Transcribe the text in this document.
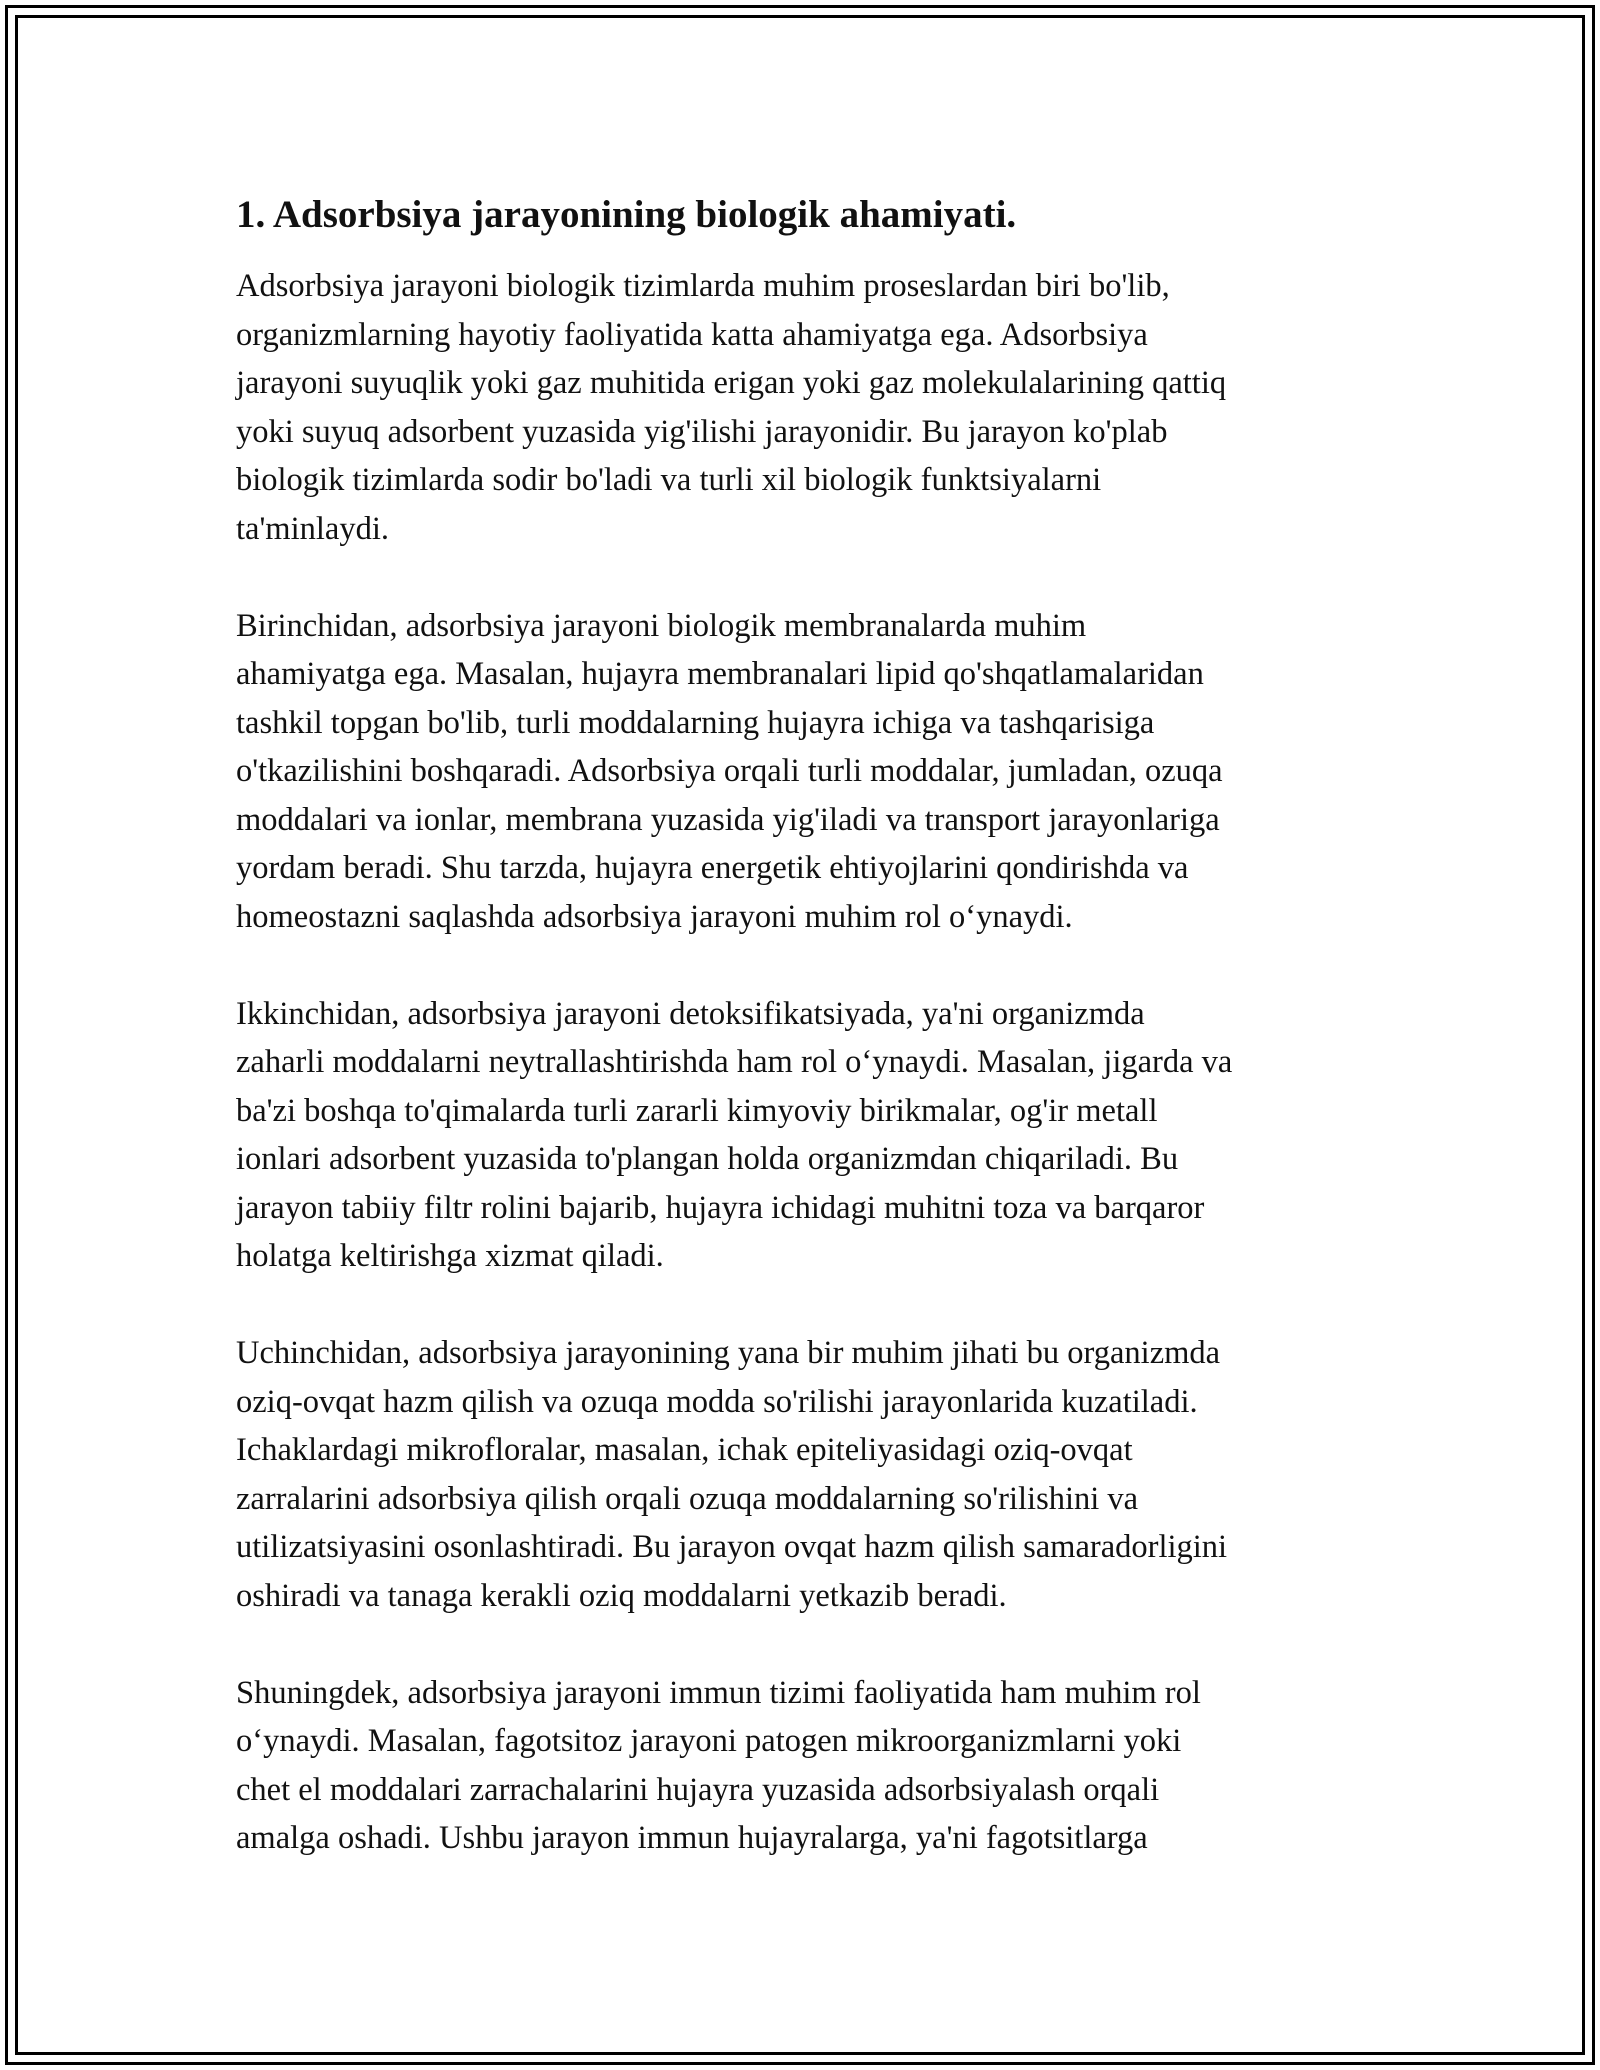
1. Adsorbsiya jarayonining biologik ahamiyati.

Adsorbsiya jarayoni biologik tizimlarda muhim proseslardan biri bo'lib,
organizmlarning hayotiy faoliyatida katta ahamiyatga ega. Adsorbsiya
jarayoni suyuqlik yoki gaz muhitida erigan yoki gaz molekulalarining qattiq
yoki suyuq adsorbent yuzasida yig'ilishi jarayonidir. Bu jarayon ko'plab
biologik tizimlarda sodir bo'ladi va turli xil biologik funktsiyalarni
ta'minlaydi.

Birinchidan, adsorbsiya jarayoni biologik membranalarda muhim
ahamiyatga ega. Masalan, hujayra membranalari lipid qo'shqatlamalaridan
tashkil topgan bo'lib, turli moddalarning hujayra ichiga va tashqarisiga
o'tkazilishini boshqaradi. Adsorbsiya orqali turli moddalar, jumladan, ozuqa
moddalari va ionlar, membrana yuzasida yig'iladi va transport jarayonlariga
yordam beradi. Shu tarzda, hujayra energetik ehtiyojlarini qondirishda va
homeostazni saqlashda adsorbsiya jarayoni muhim rol o‘ynaydi.

Ikkinchidan, adsorbsiya jarayoni detoksifikatsiyada, ya'ni organizmda
zaharli moddalarni neytrallashtirishda ham rol o‘ynaydi. Masalan, jigarda va
ba'zi boshqa to'qimalarda turli zararli kimyoviy birikmalar, og'ir metall
ionlari adsorbent yuzasida to'plangan holda organizmdan chiqariladi. Bu
jarayon tabiiy filtr rolini bajarib, hujayra ichidagi muhitni toza va barqaror
holatga keltirishga xizmat qiladi.

Uchinchidan, adsorbsiya jarayonining yana bir muhim jihati bu organizmda
oziq-ovqat hazm qilish va ozuqa modda so'rilishi jarayonlarida kuzatiladi.
Ichaklardagi mikrofloralar, masalan, ichak epiteliyasidagi oziq-ovqat
zarralarini adsorbsiya qilish orqali ozuqa moddalarning so'rilishini va
utilizatsiyasini osonlashtiradi. Bu jarayon ovqat hazm qilish samaradorligini
oshiradi va tanaga kerakli oziq moddalarni yetkazib beradi.

Shuningdek, adsorbsiya jarayoni immun tizimi faoliyatida ham muhim rol
o‘ynaydi. Masalan, fagotsitoz jarayoni patogen mikroorganizmlarni yoki
chet el moddalari zarrachalarini hujayra yuzasida adsorbsiyalash orqali
amalga oshadi. Ushbu jarayon immun hujayralarga, ya'ni fagotsitlarga
